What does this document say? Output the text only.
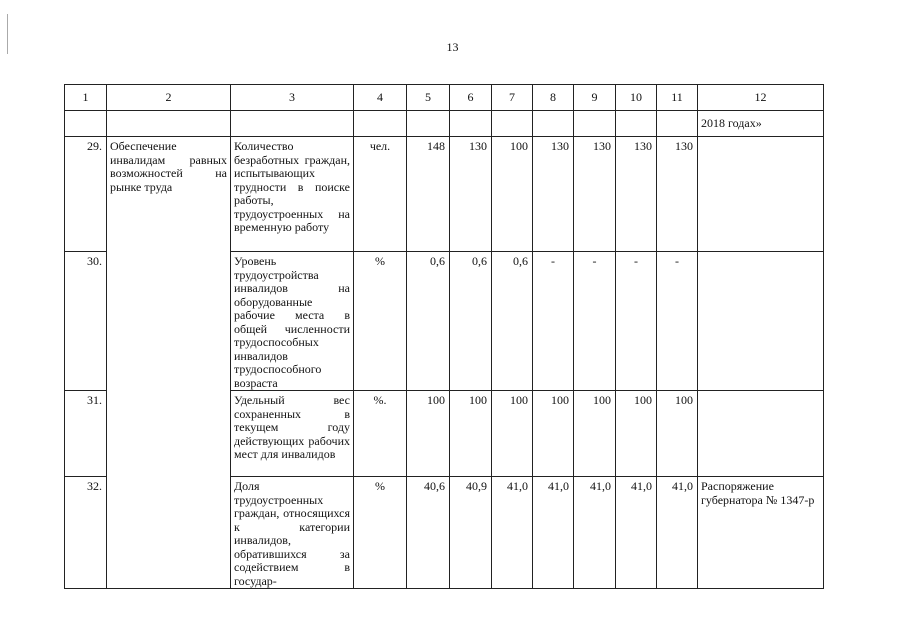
13
1	2	3	4	5	6	7	8	9	10	11	12
											2018 годах»
29.	Обеспечение инвалидам равных возможностей на рынке труда	Количество безработных граждан, испытывающих трудности в поиске работы, трудоустроенных на временную работу	чел.	148	130	100	130	130	130	130	
30.		Уровень трудоустройства инвалидов на оборудованные рабочие места в общей численности трудоспособных инвалидов трудоспособного возраста	%	0,6	0,6	0,6	-	-	-	-	
31.		Удельный вес сохраненных в текущем году действующих рабочих мест для инвалидов	%.	100	100	100	100	100	100	100	
32.		Доля трудоустроенных граждан, относящихся к категории инвалидов, обратившихся за содействием в государ-	%	40,6	40,9	41,0	41,0	41,0	41,0	41,0	Распоряжение губернатора № 1347-р
